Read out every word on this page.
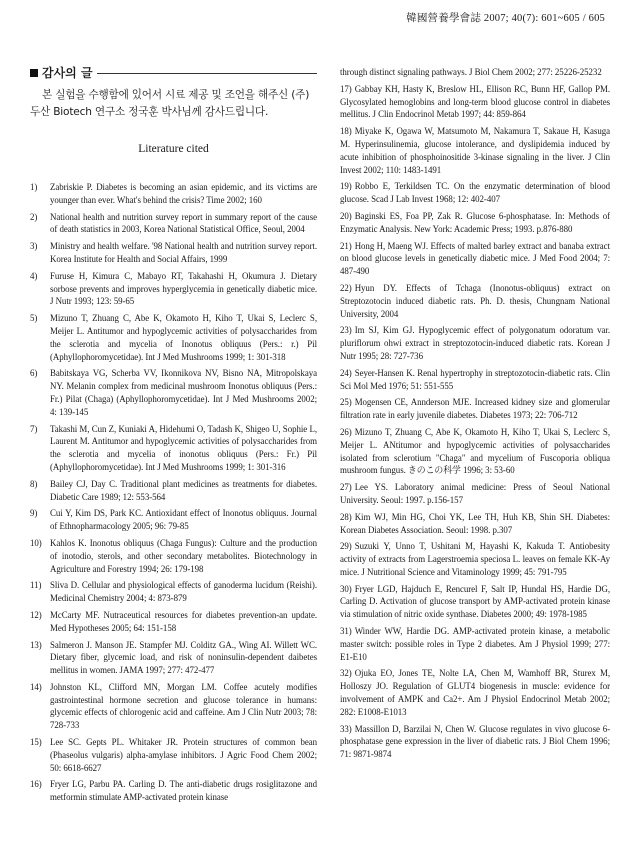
韓國營養學會誌 2007; 40(7): 601~605 / 605
감사의 글

본 실험을 수행함에 있어서 시료 제공 및 조언을 해주신 (주) 두산 Biotech 연구소 정국훈 박사님께 감사드립니다.

Literature cited
1)	Zabriskie P. Diabetes is becoming an asian epidemic, and its victims are younger than ever. What's behind the crisis? Time 2002; 160
2)	National health and nutrition survey report in summary report of the cause of death statistics in 2003, Korea National Statistical Office, Seoul, 2004
3)	Ministry and health welfare. '98 National health and nutrition survey report. Korea Institute for Health and Social Affairs, 1999
4)	Furuse H, Kimura C, Mabayo RT, Takahashi H, Okumura J. Dietary sorbose prevents and improves hyperglycemia in genetically diabetic mice. J Nutr 1993; 123: 59-65
5)	Mizuno T, Zhuang C, Abe K, Okamoto H, Kiho T, Ukai S, Leclerc S, Meijer L. Antitumor and hypoglycemic activities of polysaccharides from the sclerotia and mycelia of Inonotus obliquus (Pers.: r.) Pil (Aphyllophoromycetidae). Int J Med Mushrooms 1999; 1: 301-318
6)	Babitskaya VG, Scherba VV, Ikonnikova NV, Bisno NA, Mitropolskaya NY. Melanin complex from medicinal mushroom Inonotus obliquus (Pers.: Fr.) Pilat (Chaga) (Aphyllophoromycetidae). Int J Med Mushrooms 2002; 4: 139-145
7)	Takashi M, Cun Z, Kuniaki A, Hidehumi O, Tadash K, Shigeo U, Sophie L, Laurent M. Antitumor and hypoglycemic activities of polysaccharides from the sclerotia and mycelia of inonotus obliquus (Pers.: Fr.) Pil (Aphyllophoromycetidae). Int J Med Mushrooms 1999; 1: 301-316
8)	Bailey CJ, Day C. Traditional plant medicines as treatments for diabetes. Diabetic Care 1989; 12: 553-564
9)	Cui Y, Kim DS, Park KC. Antioxidant effect of Inonotus obliquus. Journal of Ethnopharmacology 2005; 96: 79-85
10) Kahlos K. Inonotus obliquus (Chaga Fungus): Culture and the production of inotodio, sterols, and other secondary metabolites. Biotechnology in Agriculture and Forestry 1994; 26: 179-198
11) Sliva D. Cellular and physiological effects of ganoderma lucidum (Reishi). Medicinal Chemistry 2004; 4: 873-879
12) McCarty MF. Nutraceutical resources for diabetes prevention-an update. Med Hypotheses 2005; 64: 151-158
13) Salmeron J. Manson JE. Stampfer MJ. Colditz GA., Wing AI. Willett WC. Dietary fiber, glycemic load, and risk of noninsulin-dependent daibetes mellitus in women. JAMA 1997; 277: 472-477
14) Johnston KL, Clifford MN, Morgan LM. Coffee acutely modifies gastrointestinal hormone secretion and glucose tolerance in humans: glycemic effects of chlorogenic acid and caffeine. Am J Clin Nutr 2003; 78: 728-733
15) Lee SC. Gepts PL. Whitaker JR. Protein structures of common bean (Phaseolus vulgaris) alpha-amylase inhibitors. J Agric Food Chem 2002; 50: 6618-6627
16) Fryer LG, Parbu PA. Carling D. The anti-diabetic drugs rosiglitazone and metformin stimulate AMP-activated protein kinase
through distinct signaling pathways. J Biol Chem 2002; 277: 25226-25232
17) Gabbay KH, Hasty K, Breslow HL, Ellison RC, Bunn HF, Gallop PM. Glycosylated hemoglobins and long-term blood glucose control in diabetes mellitus. J Clin Endocrinol Metab 1997; 44: 859-864
18) Miyake K, Ogawa W, Matsumoto M, Nakamura T, Sakaue H, Kasuga M. Hyperinsulinemia, glucose intolerance, and dyslipidemia induced by acute inhibition of phosphoinositide 3-kinase signaling in the liver. J Clin Invest 2002; 110: 1483-1491
19) Robbo E, Terkildsen TC. On the enzymatic determination of blood glucose. Scad J Lab Invest 1968; 12: 402-407
20) Baginski ES, Foa PP, Zak R. Glucose 6-phosphatase. In: Methods of Enzymatic Analysis. New York: Academic Press; 1993. p.876-880
21) Hong H, Maeng WJ. Effects of malted barley extract and banaba extract on blood glucose levels in genetically diabetic mice. J Med Food 2004; 7: 487-490
22) Hyun DY. Effects of Tchaga (Inonotus-obliquus) extract on Streptozotocin induced diabetic rats. Ph. D. thesis, Chungnam National University, 2004
23) Im SJ, Kim GJ. Hypoglycemic effect of polygonatum odoratum var. pluriflorum ohwi extract in streptozotocin-induced diabetic rats. Korean J Nutr 1995; 28: 727-736
24) Seyer-Hansen K. Renal hypertrophy in streptozotocin-diabetic rats. Clin Sci Mol Med 1976; 51: 551-555
25) Mogensen CE, Annderson MJE. Increased kidney size and glomerular filtration rate in early juvenile diabetes. Diabetes 1973; 22: 706-712
26) Mizuno T, Zhuang C, Abe K, Okamoto H, Kiho T, Ukai S, Leclerc S, Meijer L. ANtitumor and hypoglycemic activities of polysaccharides isolated from sclerotium "Chaga" and mycelium of Fuscoporia obliqua mushroom fungus. きのこの科学 1996; 3: 53-60
27) Lee YS. Laboratory animal medicine: Press of Seoul National University. Seoul: 1997. p.156-157
28) Kim WJ, Min HG, Choi YK, Lee TH, Huh KB, Shin SH. Diabetes: Korean Diabetes Association. Seoul: 1998. p.307
29) Suzuki Y, Unno T, Ushitani M, Hayashi K, Kakuda T. Antiobesity activity of extracts from Lagerstroemia speciosa L. leaves on female KK-Ay mice. J Nutritional Science and Vitaminology 1999; 45: 791-795
30) Fryer LGD, Hajduch E, Rencurel F, Salt IP, Hundal HS, Hardie DG, Carling D. Activation of glucose transport by AMP-activated protein kinase via stimulation of nitric oxide synthase. Diabetes 2000; 49: 1978-1985
31) Winder WW, Hardie DG. AMP-activated protein kinase, a metabolic master switch: possible roles in Type 2 diabetes. Am J Physiol 1999; 277: E1-E10
32) Ojuka EO, Jones TE, Nolte LA, Chen M, Wamhoff BR, Sturex M, Holloszy JO. Regulation of GLUT4 biogenesis in muscle: evidence for involvement of AMPK and Ca2+. Am J Physiol Endocrinol Metab 2002; 282: E1008-E1013
33) Massillon D, Barzilai N, Chen W. Glucose regulates in vivo glucose 6-phosphatase gene expression in the liver of diabetic rats. J Biol Chem 1996; 71: 9871-9874
